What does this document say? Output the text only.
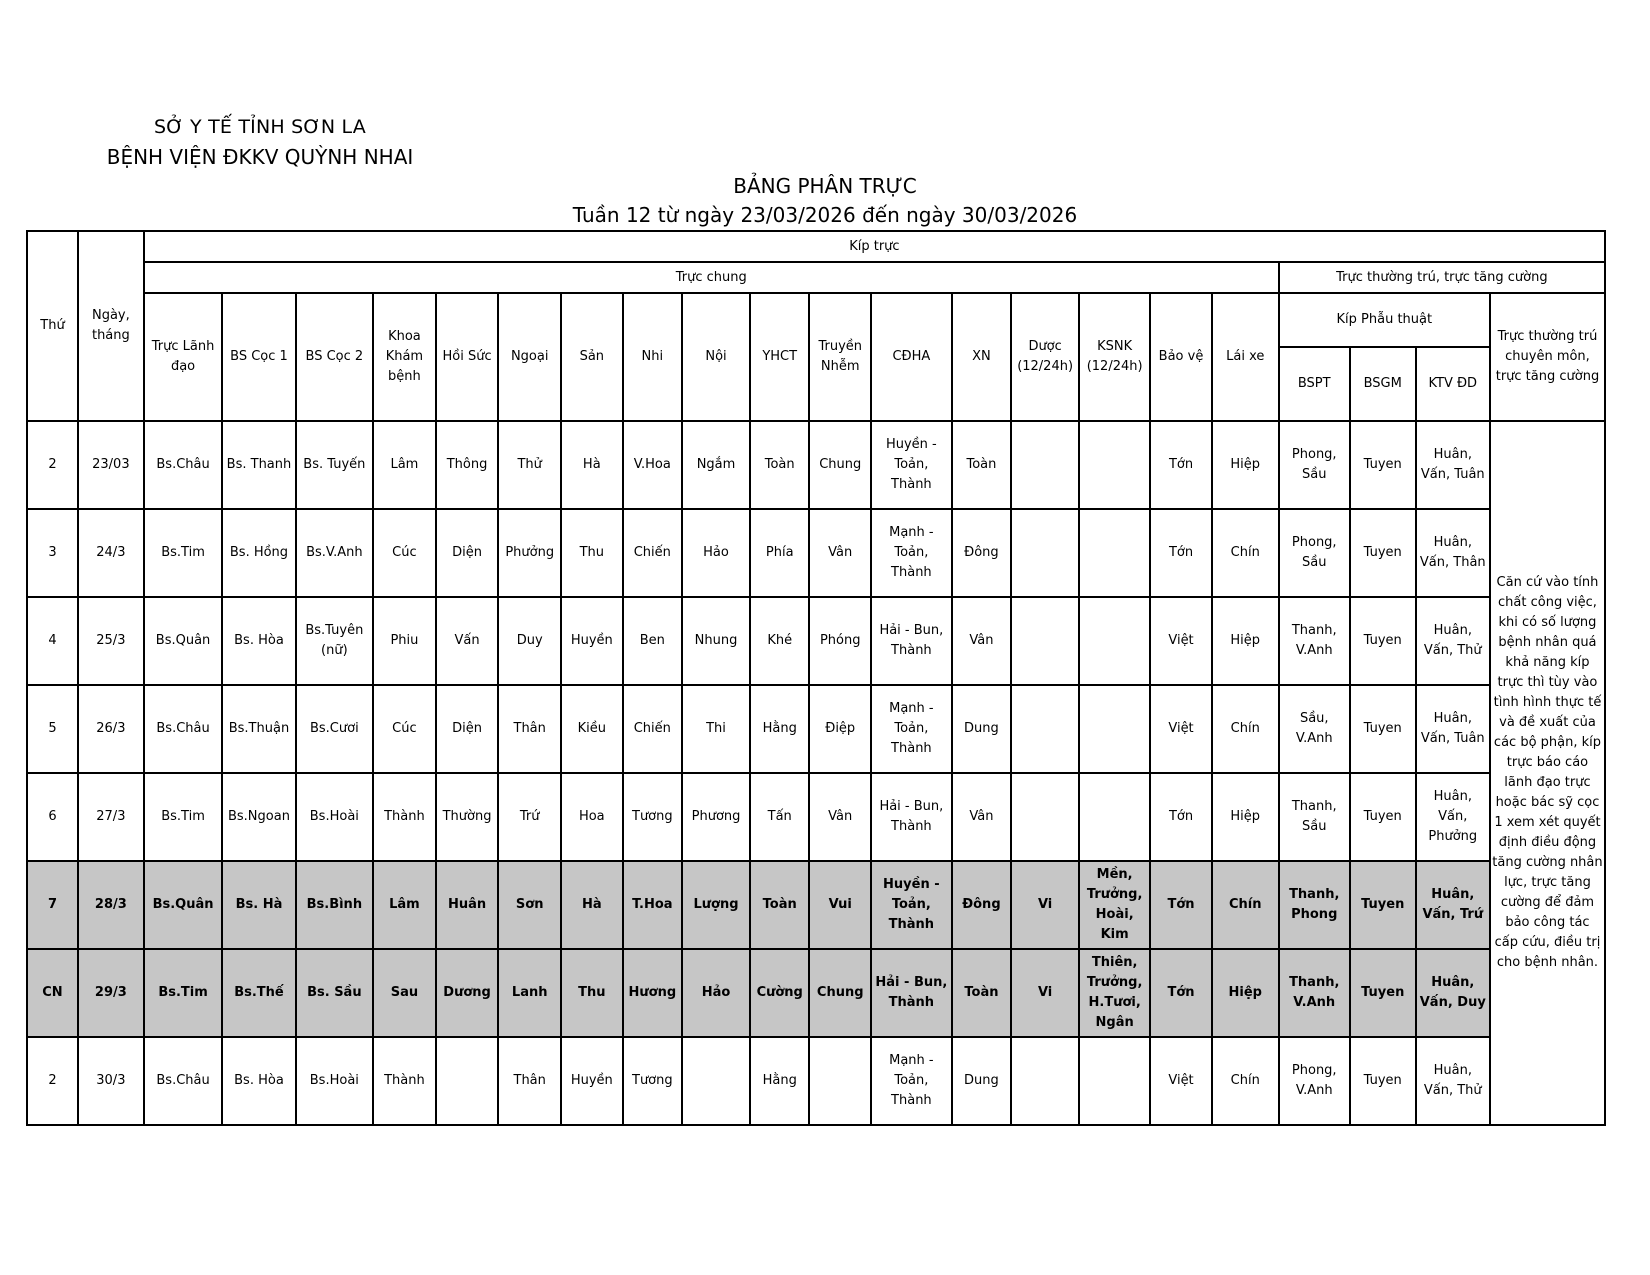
SỞ Y TẾ TỈNH SƠN LA
BỆNH VIỆN ĐKKV QUỲNH NHAI
BẢNG PHÂN TRỰC
Tuần 12 từ ngày 23/03/2026 đến ngày 30/03/2026
Thứ	Ngày, tháng	Kíp trực																				
		Trực chung																	Trực thường trú, trực tăng cường			
		Trực Lãnh đạo	BS Cọc 1	BS Cọc 2	Khoa Khám bệnh	Hồi Sức	Ngoại	Sản	Nhi	Nội	YHCT	Truyền Nhễm	CĐHA	XN	Dược (12/24h)	KSNK (12/24h)	Bảo vệ	Lái xe	Kíp Phẫu thuật			Trực thường trú chuyên môn, trực tăng cường
																			BSPT	BSGM	KTV ĐD	
2	23/03	Bs.Châu	Bs. Thanh	Bs. Tuyến	Lâm	Thông	Thử	Hà	V.Hoa	Ngắm	Toàn	Chung	Huyền - Toản, Thành	Toàn			Tớn	Hiệp	Phong, Sầu	Tuyen	Huân, Vấn, Tuân	Căn cứ vào tính chất công việc, khi có số lượng bệnh nhân quá khả năng kíp trực thì tùy vào tình hình thực tế và đề xuất của các bộ phận, kíp trực báo cáo lãnh đạo trực hoặc bác sỹ cọc 1 xem xét quyết định điều động tăng cường nhân lực, trực tăng cường để đảm bảo công tác cấp cứu, điều trị cho bệnh nhân.
3	24/3	Bs.Tim	Bs. Hồng	Bs.V.Anh	Cúc	Diện	Phưởng	Thu	Chiến	Hảo	Phía	Vân	Mạnh - Toản, Thành	Đông			Tớn	Chín	Phong, Sầu	Tuyen	Huân, Vấn, Thân	
4	25/3	Bs.Quân	Bs. Hòa	Bs.Tuyên (nữ)	Phiu	Vấn	Duy	Huyền	Ben	Nhung	Khé	Phóng	Hải - Bun, Thành	Vân			Việt	Hiệp	Thanh, V.Anh	Tuyen	Huân, Vấn, Thử	
5	26/3	Bs.Châu	Bs.Thuận	Bs.Cươi	Cúc	Diện	Thân	Kiều	Chiến	Thi	Hằng	Điệp	Mạnh - Toản, Thành	Dung			Việt	Chín	Sầu, V.Anh	Tuyen	Huân, Vấn, Tuân	
6	27/3	Bs.Tim	Bs.Ngoan	Bs.Hoài	Thành	Thường	Trứ	Hoa	Tương	Phương	Tấn	Vân	Hải - Bun, Thành	Vân			Tớn	Hiệp	Thanh, Sầu	Tuyen	Huân, Vấn, Phưởng	
7	28/3	Bs.Quân	Bs. Hà	Bs.Bình	Lâm	Huân	Sơn	Hà	T.Hoa	Lượng	Toàn	Vui	Huyền - Toản, Thành	Đông	Vi	Mền, Trưởng, Hoài, Kim	Tớn	Chín	Thanh, Phong	Tuyen	Huân, Vấn, Trứ	
CN	29/3	Bs.Tim	Bs.Thế	Bs. Sầu	Sau	Dương	Lanh	Thu	Hương	Hảo	Cường	Chung	Hải - Bun, Thành	Toàn	Vi	Thiên, Trưởng, H.Tươi, Ngân	Tớn	Hiệp	Thanh, V.Anh	Tuyen	Huân, Vấn, Duy	
2	30/3	Bs.Châu	Bs. Hòa	Bs.Hoài	Thành		Thân	Huyền	Tương		Hằng		Mạnh - Toản, Thành	Dung			Việt	Chín	Phong, V.Anh	Tuyen	Huân, Vấn, Thử	
